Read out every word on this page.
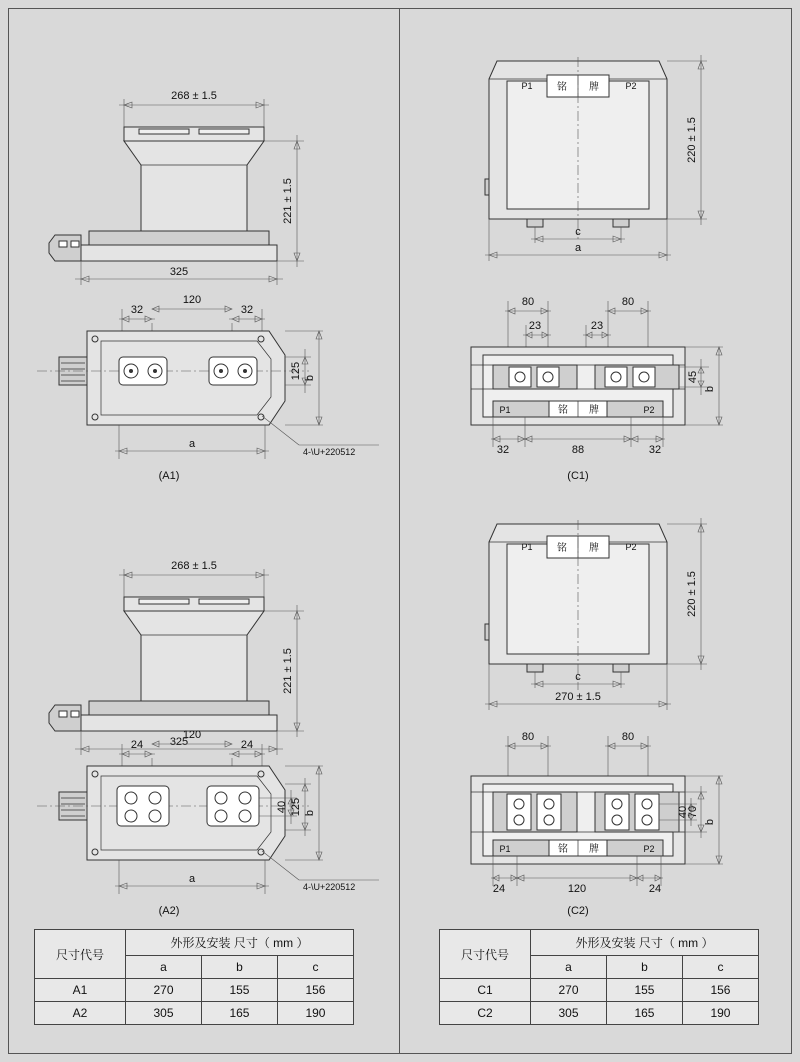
268 ± 1.5
221 ± 1.5
325
32	32
120
125 b
a
4-\U+220512
(A1)
铭 牌
P1	P2
c
a
220 ± 1.5
80	80
23	23
铭 牌
P1	P2
45
b
32	88	32
(C1)
268 ± 1.5
221 ± 1.5
325
24	24
120
40 125 b
a
4-\U+220512
(A2)
铭 牌
P1	P2
c
270 ± 1.5
220 ± 1.5
80	80
铭 牌
P1	P2
40
70
b
24	120	24
(C2)
尺寸代号	外形及安装 尺寸（ mm ）		
	a	b	c
A1	270	155	156
A2	305	165	190
尺寸代号	外形及安装 尺寸（ mm ）		
	a	b	c
C1	270	155	156
C2	305	165	190
